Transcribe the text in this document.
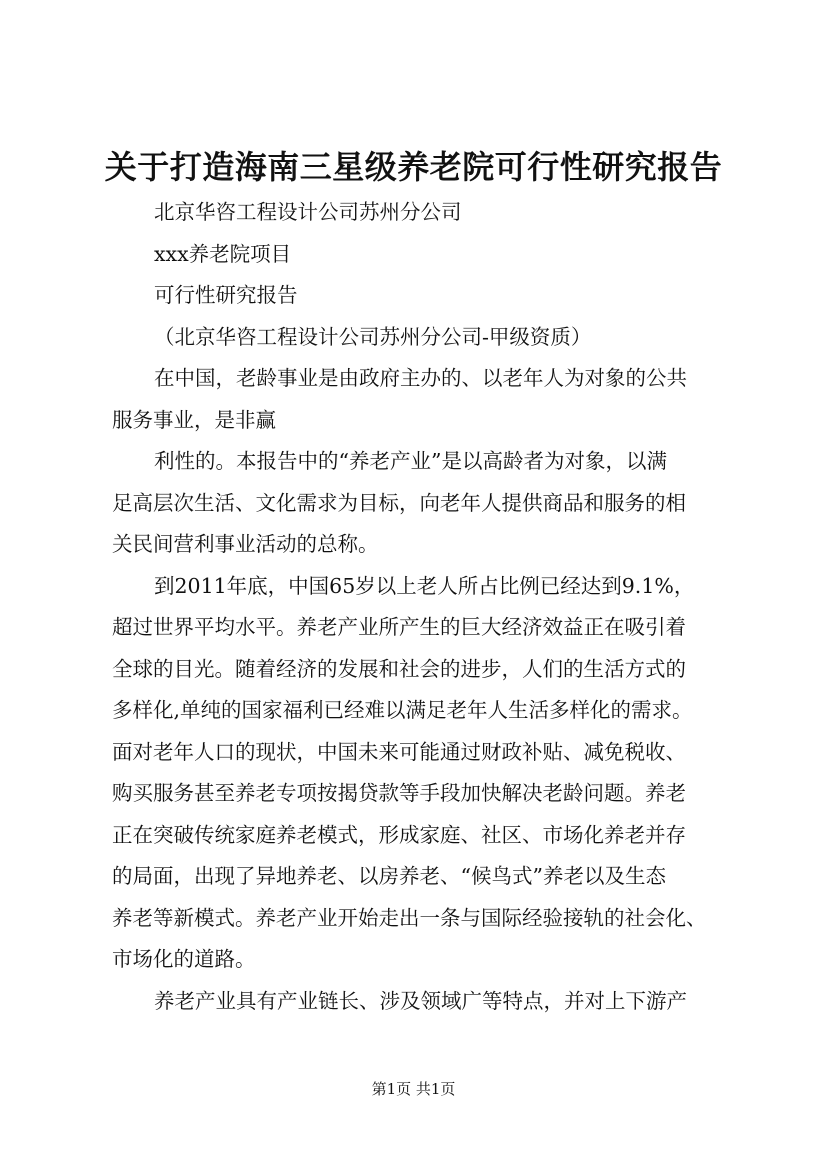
关于打造海南三星级养老院可行性研究报告
北京华咨工程设计公司苏州分公司
xxx养老院项目
可行性研究报告
（北京华咨工程设计公司苏州分公司-甲级资质）
在中国，老龄事业是由政府主办的、以老年人为对象的公共
服务事业，是非赢
利性的。本报告中的“养老产业”是以高龄者为对象，以满
足高层次生活、文化需求为目标，向老年人提供商品和服务的相
关民间营利事业活动的总称。
到2011年底，中国65岁以上老人所占比例已经达到9.1%，
超过世界平均水平。养老产业所产生的巨大经济效益正在吸引着
全球的目光。随着经济的发展和社会的进步，人们的生活方式的
多样化,单纯的国家福利已经难以满足老年人生活多样化的需求。
面对老年人口的现状，中国未来可能通过财政补贴、减免税收、
购买服务甚至养老专项按揭贷款等手段加快解决老龄问题。养老
正在突破传统家庭养老模式，形成家庭、社区、市场化养老并存
的局面，出现了异地养老、以房养老、“候鸟式”养老以及生态
养老等新模式。养老产业开始走出一条与国际经验接轨的社会化、
市场化的道路。
养老产业具有产业链长、涉及领域广等特点，并对上下游产
第1页 共1页
